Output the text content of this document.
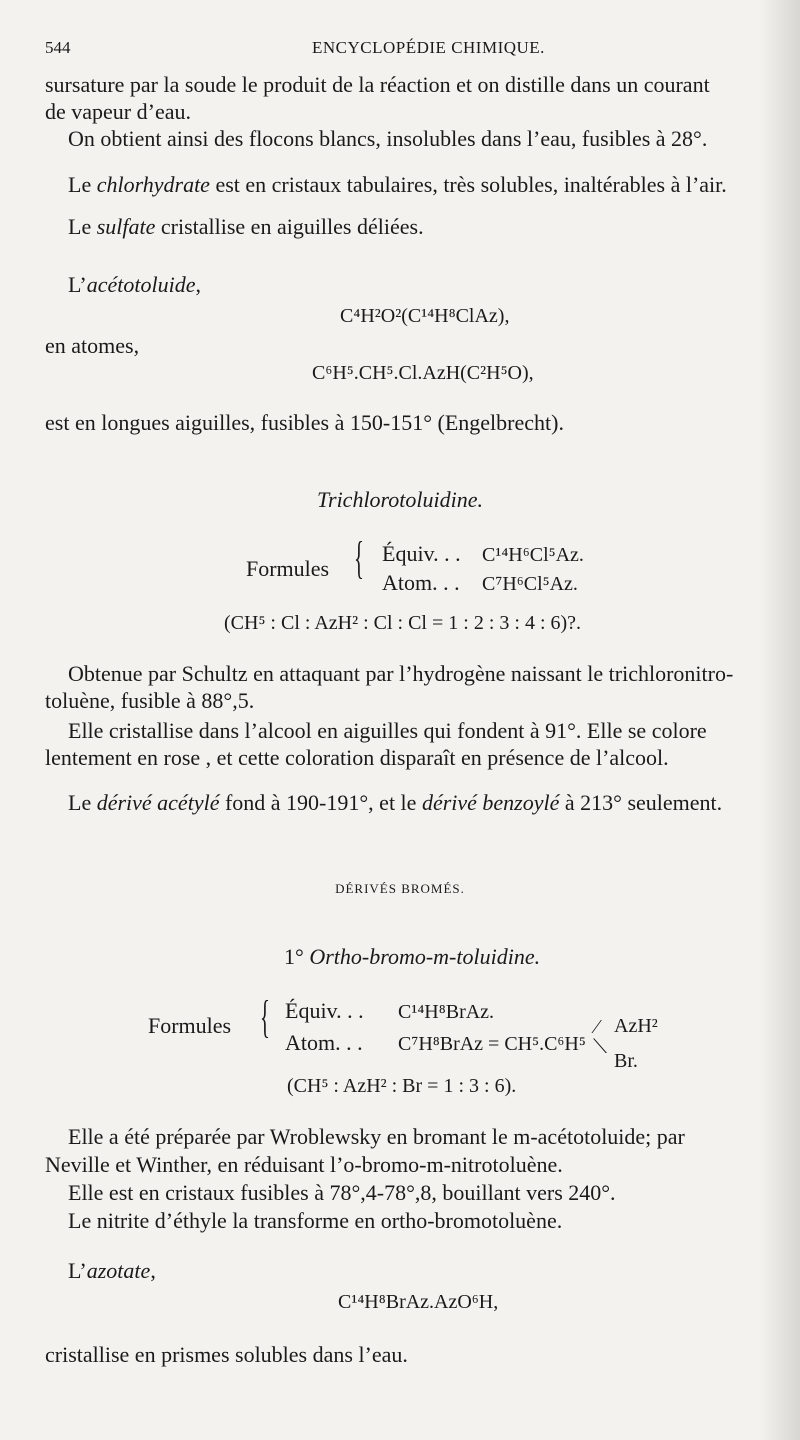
544	ENCYCLOPÉDIE CHIMIQUE.
sursature par la soude le produit de la réaction et on distille dans un courant
de vapeur d’eau.
On obtient ainsi des flocons blancs, insolubles dans l’eau, fusibles à 28°.
Le chlorhydrate est en cristaux tabulaires, très solubles, inaltérables à l’air.
Le sulfate cristallise en aiguilles déliées.
L’acétotoluide,
C⁴H²O²(C¹⁴H⁸ClAz),
en atomes,
C⁶H⁵.CH⁵.Cl.AzH(C²H⁵O),
est en longues aiguilles, fusibles à 150-151° (Engelbrecht).
Trichlorotoluidine.
Formules { Équiv. . . C¹⁴H⁶Cl⁵Az.
Atom. . . C⁷H⁶Cl⁵Az.
(CH⁵ : Cl : AzH² : Cl : Cl = 1 : 2 : 3 : 4 : 6)?.
Obtenue par Schultz en attaquant par l’hydrogène naissant le trichloronitro-
toluène, fusible à 88°,5.
Elle cristallise dans l’alcool en aiguilles qui fondent à 91°. Elle se colore
lentement en rose , et cette coloration disparaît en présence de l’alcool.
Le dérivé acétylé fond à 190-191°, et le dérivé benzoylé à 213° seulement.
DÉRIVÉS BROMÉS.
1° Ortho-bromo-m-toluidine.
Formules { Équiv. . . C¹⁴H⁸BrAz.
Atom. . . C⁷H⁸BrAz = CH⁵.C⁶H⁵
⁄
⟍
AzH²
Br.
(CH⁵ : AzH² : Br = 1 : 3 : 6).
Elle a été préparée par Wroblewsky en bromant le m-acétotoluide; par
Neville et Winther, en réduisant l’o-bromo-m-nitrotoluène.
Elle est en cristaux fusibles à 78°,4-78°,8, bouillant vers 240°.
Le nitrite d’éthyle la transforme en ortho-bromotoluène.
L’azotate,
C¹⁴H⁸BrAz.AzO⁶H,
cristallise en prismes solubles dans l’eau.
